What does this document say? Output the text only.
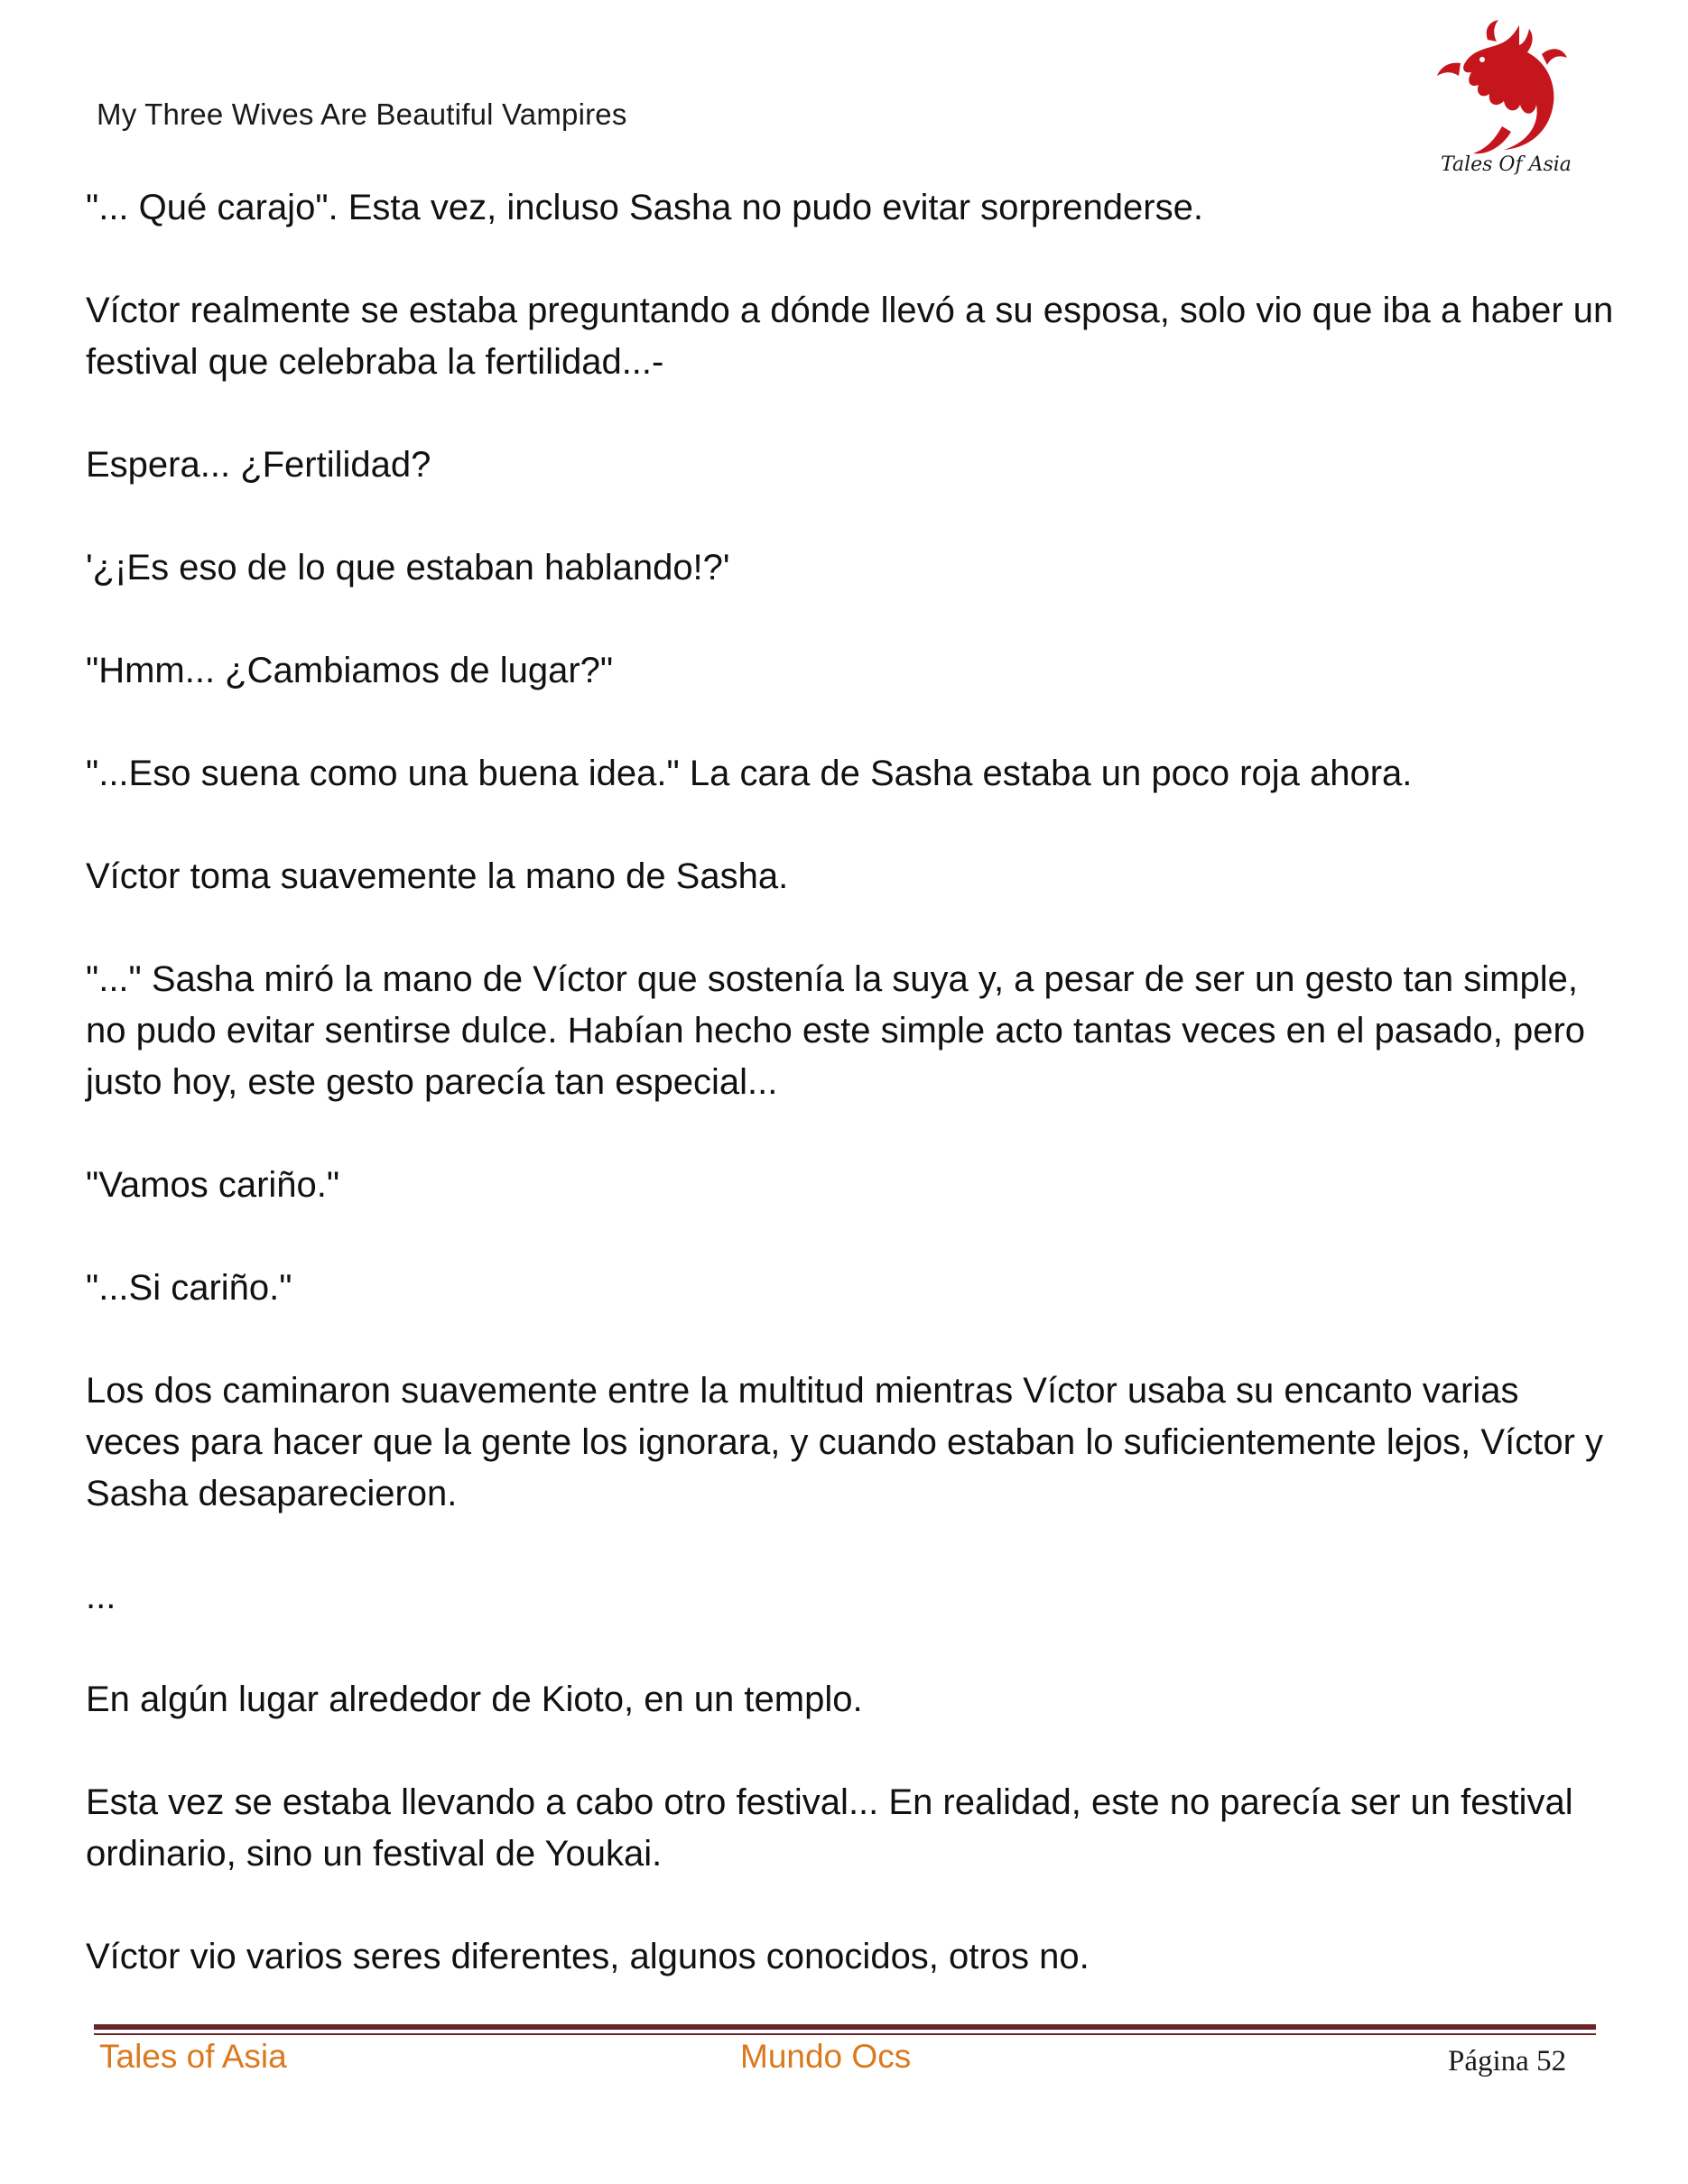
My Three Wives Are Beautiful Vampires
Tales Of Asia

"... Qué carajo". Esta vez, incluso Sasha no pudo evitar sorprenderse.

Víctor realmente se estaba preguntando a dónde llevó a su esposa, solo vio que iba a haber un festival que celebraba la fertilidad...-

Espera... ¿Fertilidad?

'¿¡Es eso de lo que estaban hablando!?'

"Hmm... ¿Cambiamos de lugar?"

"...Eso suena como una buena idea." La cara de Sasha estaba un poco roja ahora.

Víctor toma suavemente la mano de Sasha.

"..." Sasha miró la mano de Víctor que sostenía la suya y, a pesar de ser un gesto tan simple, no pudo evitar sentirse dulce. Habían hecho este simple acto tantas veces en el pasado, pero justo hoy, este gesto parecía tan especial...

"Vamos cariño."

"...Si cariño."

Los dos caminaron suavemente entre la multitud mientras Víctor usaba su encanto varias veces para hacer que la gente los ignorara, y cuando estaban lo suficientemente lejos, Víctor y Sasha desaparecieron.

...

En algún lugar alrededor de Kioto, en un templo.

Esta vez se estaba llevando a cabo otro festival... En realidad, este no parecía ser un festival ordinario, sino un festival de Youkai.

Víctor vio varios seres diferentes, algunos conocidos, otros no.

Tales of Asia	Mundo Ocs	Página 52
